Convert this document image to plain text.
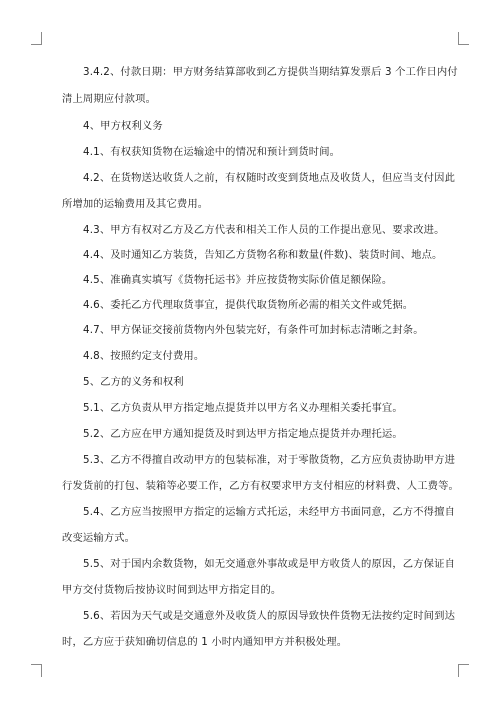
3.4.2、付款日期：甲方财务结算部收到乙方提供当期结算发票后 3 个工作日内付

清上周期应付款项。

4、甲方权利义务

4.1、有权获知货物在运输途中的情况和预计到货时间。

4.2、在货物送达收货人之前，有权随时改变到货地点及收货人，但应当支付因此

所增加的运输费用及其它费用。

4.3、甲方有权对乙方及乙方代表和相关工作人员的工作提出意见、要求改进。

4.4、及时通知乙方装货，告知乙方货物名称和数量(件数)、装货时间、地点。

4.5、准确真实填写《货物托运书》并应按货物实际价值足额保险。

4.6、委托乙方代理取货事宜，提供代取货物所必需的相关文件或凭据。

4.7、甲方保证交接前货物内外包装完好，有条件可加封标志清晰之封条。

4.8、按照约定支付费用。

5、乙方的义务和权利

5.1、乙方负责从甲方指定地点提货并以甲方名义办理相关委托事宜。

5.2、乙方应在甲方通知提货及时到达甲方指定地点提货并办理托运。

5.3、乙方不得擅自改动甲方的包装标准，对于零散货物，乙方应负责协助甲方进

行发货前的打包、装箱等必要工作，乙方有权要求甲方支付相应的材料费、人工费等。

5.4、乙方应当按照甲方指定的运输方式托运，未经甲方书面同意，乙方不得擅自

改变运输方式。

5.5、对于国内余数货物，如无交通意外事故或是甲方收货人的原因，乙方保证自

甲方交付货物后按协议时间到达甲方指定目的。

5.6、若因为天气或是交通意外及收货人的原因导致快件货物无法按约定时间到达

时，乙方应于获知确切信息的 1 小时内通知甲方并积极处理。
